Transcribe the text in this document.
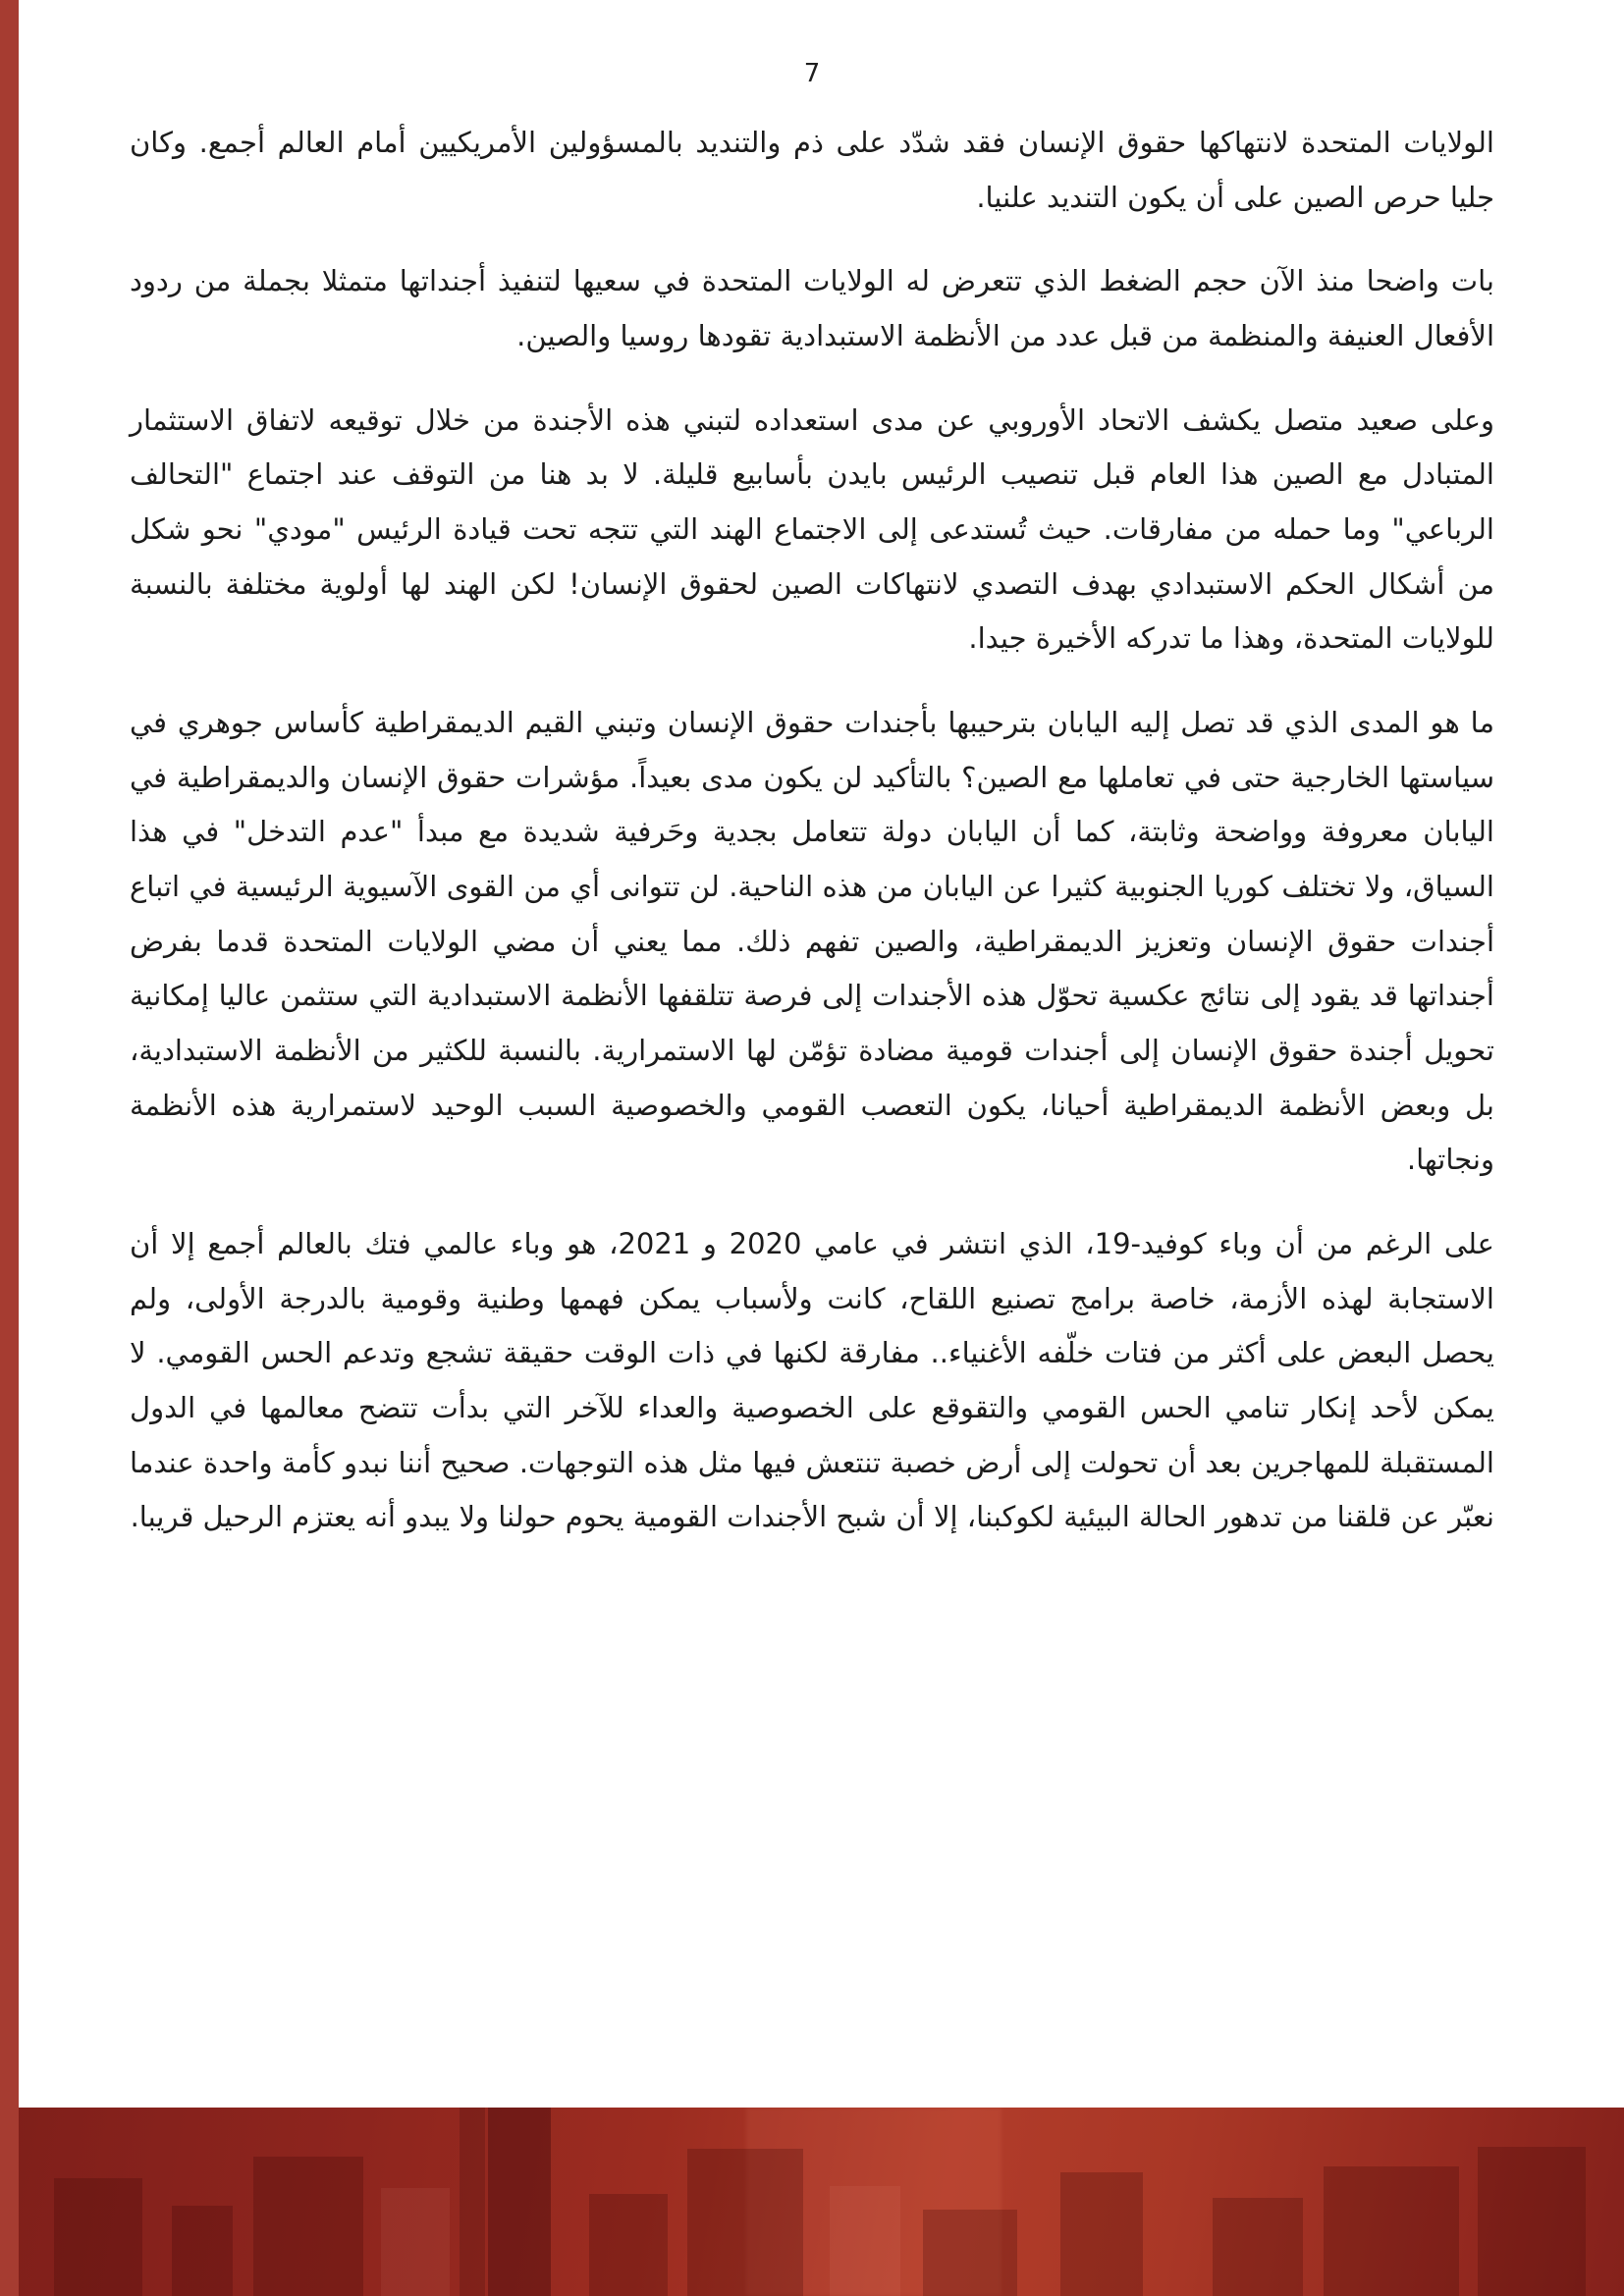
7

الولايات المتحدة لانتهاكها حقوق الإنسان فقد شدّد على ذم والتنديد بالمسؤولين الأمريكيين أمام العالم أجمع. وكان جليا حرص الصين على أن يكون التنديد علنيا.

بات واضحا منذ الآن حجم الضغط الذي تتعرض له الولايات المتحدة في سعيها لتنفيذ أجنداتها متمثلا بجملة من ردود الأفعال العنيفة والمنظمة من قبل عدد من الأنظمة الاستبدادية تقودها روسيا والصين.

وعلى صعيد متصل يكشف الاتحاد الأوروبي عن مدى استعداده لتبني هذه الأجندة من خلال توقيعه لاتفاق الاستثمار المتبادل مع الصين هذا العام قبل تنصيب الرئيس بايدن بأسابيع قليلة. لا بد هنا من التوقف عند اجتماع "التحالف الرباعي" وما حمله من مفارقات. حيث تُستدعى إلى الاجتماع الهند التي تتجه تحت قيادة الرئيس "مودي" نحو شكل من أشكال الحكم الاستبدادي بهدف التصدي لانتهاكات الصين لحقوق الإنسان! لكن الهند لها أولوية مختلفة بالنسبة للولايات المتحدة، وهذا ما تدركه الأخيرة جيدا.

ما هو المدى الذي قد تصل إليه اليابان بترحيبها بأجندات حقوق الإنسان وتبني القيم الديمقراطية كأساس جوهري في سياستها الخارجية حتى في تعاملها مع الصين؟ بالتأكيد لن يكون مدى بعيداً. مؤشرات حقوق الإنسان والديمقراطية في اليابان معروفة وواضحة وثابتة، كما أن اليابان دولة تتعامل بجدية وحَرفية شديدة مع مبدأ "عدم التدخل" في هذا السياق، ولا تختلف كوريا الجنوبية كثيرا عن اليابان من هذه الناحية. لن تتوانى أي من القوى الآسيوية الرئيسية في اتباع أجندات حقوق الإنسان وتعزيز الديمقراطية، والصين تفهم ذلك. مما يعني أن مضي الولايات المتحدة قدما بفرض أجنداتها قد يقود إلى نتائج عكسية تحوّل هذه الأجندات إلى فرصة تتلقفها الأنظمة الاستبدادية التي ستثمن عاليا إمكانية تحويل أجندة حقوق الإنسان إلى أجندات قومية مضادة تؤمّن لها الاستمرارية. بالنسبة للكثير من الأنظمة الاستبدادية، بل وبعض الأنظمة الديمقراطية أحيانا، يكون التعصب القومي والخصوصية السبب الوحيد لاستمرارية هذه الأنظمة ونجاتها.

على الرغم من أن وباء كوفيد-19، الذي انتشر في عامي 2020 و 2021، هو وباء عالمي فتك بالعالم أجمع إلا أن الاستجابة لهذه الأزمة، خاصة برامج تصنيع اللقاح، كانت ولأسباب يمكن فهمها وطنية وقومية بالدرجة الأولى، ولم يحصل البعض على أكثر من فتات خلّفه الأغنياء.. مفارقة لكنها في ذات الوقت حقيقة تشجع وتدعم الحس القومي. لا يمكن لأحد إنكار تنامي الحس القومي والتقوقع على الخصوصية والعداء للآخر التي بدأت تتضح معالمها في الدول المستقبلة للمهاجرين بعد أن تحولت إلى أرض خصبة تنتعش فيها مثل هذه التوجهات. صحيح أننا نبدو كأمة واحدة عندما نعبّر عن قلقنا من تدهور الحالة البيئية لكوكبنا، إلا أن شبح الأجندات القومية يحوم حولنا ولا يبدو أنه يعتزم الرحيل قريبا.
